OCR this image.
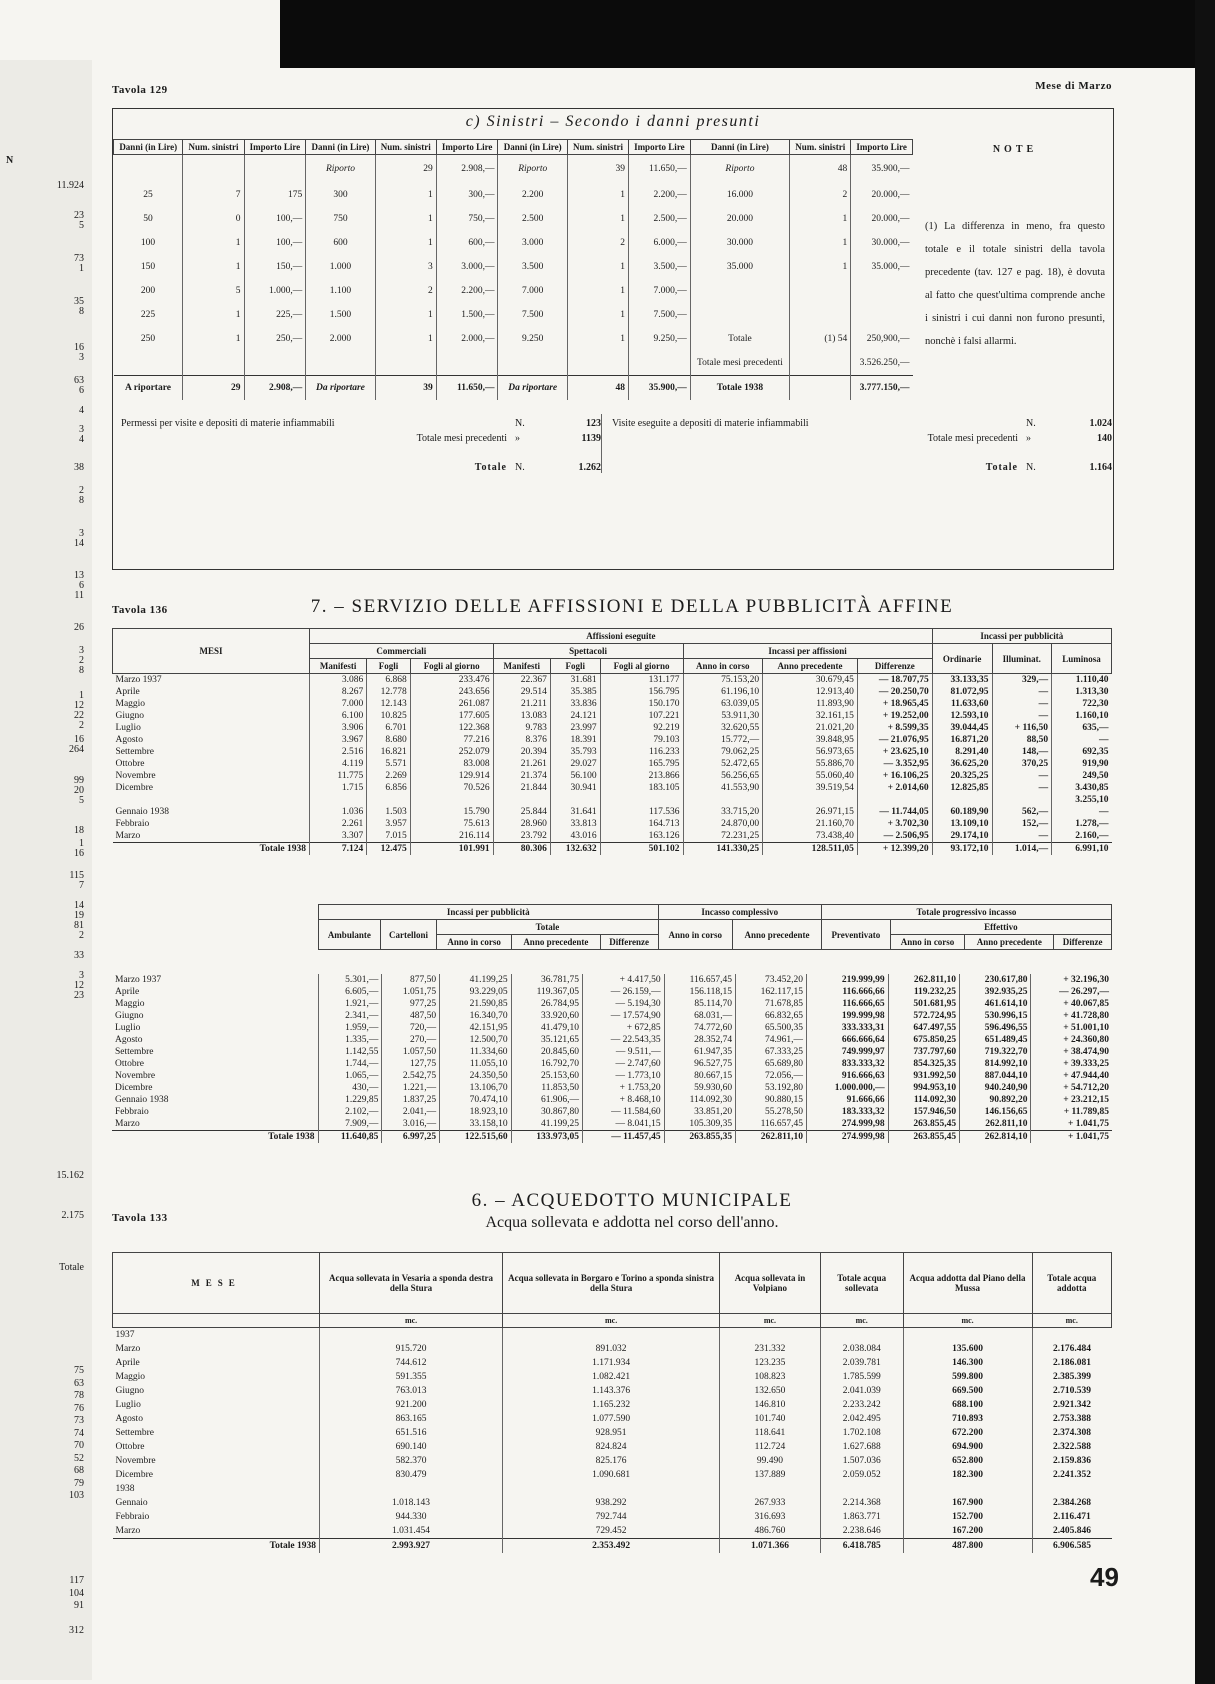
N
11.924
23
5
73
1
35
8
16
3
63
6
4
3
4
38
2
8
3
14
13
6
11
26
3
2
8
1
12
22
2
16
264
99
20
5
18
1
16
115
7
14
19
81
2
33
3
12
23
15.162
2.175
Totale
75
63
78
76
73
74
70
52
68
79
103
117
104
91
312
Tavola 129	Mese di Marzo
c) Sinistri – Secondo i danni presunti
Danni (in Lire)	Num. sinistri	Importo Lire	Danni (in Lire)	Num. sinistri	Importo Lire	Danni (in Lire)	Num. sinistri	Importo Lire	Danni (in Lire)	Num. sinistri	Importo Lire
			Riporto	29	2.908,—	Riporto	39	11.650,—	Riporto	48	35.900,—
25	7	175	300	1	300,—	2.200	1	2.200,—	16.000	2	20.000,—
50	0	100,—	750	1	750,—	2.500	1	2.500,—	20.000	1	20.000,—
100	1	100,—	600	1	600,—	3.000	2	6.000,—	30.000	1	30.000,—
150	1	150,—	1.000	3	3.000,—	3.500	1	3.500,—	35.000	1	35.000,—
200	5	1.000,—	1.100	2	2.200,—	7.000	1	7.000,—			
225	1	225,—	1.500	1	1.500,—	7.500	1	7.500,—			
250	1	250,—	2.000	1	2.000,—	9.250	1	9.250,—	Totale	(1) 54	250,900,—
									Totale mesi precedenti		3.526.250,—
A riportare	29	2.908,—	Da riportare	39	11.650,—	Da riportare	48	35.900,—	Totale 1938		3.777.150,—
NOTE
(1) La differenza in meno, fra questo totale e il totale sinistri della tavola precedente (tav. 127 e pag. 18), è dovuta al fatto che quest'ultima comprende anche i sinistri i cui danni non furono presunti, nonchè i falsi allarmi.
Permessi per visite e depositi di materie infiammabili	N.	123
Totale mesi precedenti »	1139
Totale N.	1.262
Visite eseguite a depositi di materie infiammabili	N.	1.024
Totale mesi precedenti »	140
Totale N.	1.164
Tavola 136	7. – SERVIZIO DELLE AFFISSIONI E DELLA PUBBLICITÀ AFFINE
MESI	Affissioni eseguite									Incassi per pubblicità		
	Commerciali			Spettacoli			Incassi per affissioni			Ordinarie	Illuminat.	Luminosa
	Manifesti	Fogli	Fogli al giorno	Manifesti	Fogli	Fogli al giorno	Anno in corso	Anno precedente	Differenze			
Marzo 1937	3.086	6.868	233.476	22.367	31.681	131.177	75.153,20	30.679,45	— 18.707,75	33.133,35	329,—	1.110,40
Aprile	8.267	12.778	243.656	29.514	35.385	156.795	61.196,10	12.913,40	— 20.250,70	81.072,95	—	1.313,30
Maggio	7.000	12.143	261.087	21.211	33.836	150.170	63.039,05	11.893,90	+ 18.965,45	11.633,60	—	722,30
Giugno	6.100	10.825	177.605	13.083	24.121	107.221	53.911,30	32.161,15	+ 19.252,00	12.593,10	—	1.160,10
Luglio	3.906	6.701	122.368	9.783	23.997	92.219	32.620,55	21.021,20	+ 8.599,35	39.044,45	+ 116,50	635,—
Agosto	3.967	8.680	77.216	8.376	18.391	79.103	15.772,—	39.848,95	— 21.076,95	16.871,20	88,50	—
Settembre	2.516	16.821	252.079	20.394	35.793	116.233	79.062,25	56.973,65	+ 23.625,10	8.291,40	148,—	692,35
Ottobre	4.119	5.571	83.008	21.261	29.027	165.795	52.472,65	55.886,70	— 3.352,95	36.625,20	370,25	919,90
Novembre	11.775	2.269	129.914	21.374	56.100	213.866	56.256,65	55.060,40	+ 16.106,25	20.325,25	—	249,50
Dicembre	1.715	6.856	70.526	21.844	30.941	183.105	41.553,90	39.519,54	+ 2.014,60	12.825,85	—	3.430,85
												3.255,10
Gennaio 1938	1.036	1.503	15.790	25.844	31.641	117.536	33.715,20	26.971,15	— 11.744,05	60.189,90	562,—	—
Febbraio	2.261	3.957	75.613	28.960	33.813	164.713	24.870,00	21.160,70	+ 3.702,30	13.109,10	152,—	1.278,—
Marzo	3.307	7.015	216.114	23.792	43.016	163.126	72.231,25	73.438,40	— 2.506,95	29.174,10	—	2.160,—
Totale 1938	7.124	12.475	101.991	80.306	132.632	501.102	141.330,25	128.511,05	+ 12.399,20	93.172,10	1.014,—	6.991,10
Incassi per pubblicità					Incasso complessivo		Totale progressivo incasso			
Ambulante	Cartelloni	Totale			Anno in corso	Anno precedente	Preventivato	Effettivo		
		Anno in corso	Anno precedente	Differenze				Anno in corso	Anno precedente	Differenze
Marzo 1937	5.301,—	877,50	41.199,25	36.781,75	+ 4.417,50	116.657,45	73.452,20	219.999,99	262.811,10	230.617,80	+ 32.196,30
Aprile	6.605,—	1.051,75	93.229,05	119.367,05	— 26.159,—	156.118,15	162.117,15	116.666,66	119.232,25	392.935,25	— 26.297,—
Maggio	1.921,—	977,25	21.590,85	26.784,95	— 5.194,30	85.114,70	71.678,85	116.666,65	501.681,95	461.614,10	+ 40.067,85
Giugno	2.341,—	487,50	16.340,70	33.920,60	— 17.574,90	68.031,—	66.832,65	199.999,98	572.724,95	530.996,15	+ 41.728,80
Luglio	1.959,—	720,—	42.151,95	41.479,10	+ 672,85	74.772,60	65.500,35	333.333,31	647.497,55	596.496,55	+ 51.001,10
Agosto	1.335,—	270,—	12.500,70	35.121,65	— 22.543,35	28.352,74	74.961,—	666.666,64	675.850,25	651.489,45	+ 24.360,80
Settembre	1.142,55	1.057,50	11.334,60	20.845,60	— 9.511,—	61.947,35	67.333,25	749.999,97	737.797,60	719.322,70	+ 38.474,90
Ottobre	1.744,—	127,75	11.055,10	16.792,70	— 2.747,60	96.527,75	65.689,80	833.333,32	854.325,35	814.992,10	+ 39.333,25
Novembre	1.065,—	2.542,75	24.350,50	25.153,60	— 1.773,10	80.667,15	72.056,—	916.666,63	931.992,50	887.044,10	+ 47.944,40
Dicembre	430,—	1.221,—	13.106,70	11.853,50	+ 1.753,20	59.930,60	53.192,80	1.000.000,—	994.953,10	940.240,90	+ 54.712,20
Gennaio 1938	1.229,85	1.837,25	70.474,10	61.906,—	+ 8.468,10	114.092,30	90.880,15	91.666,66	114.092,30	90.892,20	+ 23.212,15
Febbraio	2.102,—	2.041,—	18.923,10	30.867,80	— 11.584,60	33.851,20	55.278,50	183.333,32	157.946,50	146.156,65	+ 11.789,85
Marzo	7.909,—	3.016,—	33.158,10	41.199,25	— 8.041,15	105.309,35	116.657,45	274.999,98	263.855,45	262.811,10	+ 1.041,75
Totale 1938	11.640,85	6.997,25	122.515,60	133.973,05	— 11.457,45	263.855,35	262.811,10	274.999,98	263.855,45	262.814,10	+ 1.041,75
Tavola 133
6. – ACQUEDOTTO MUNICIPALE
Acqua sollevata e addotta nel corso dell'anno.
MESE	Acqua sollevata in Vesaria a sponda destra della Stura	Acqua sollevata in Borgaro e Torino a sponda sinistra della Stura	Acqua sollevata in Volpiano	Totale acqua sollevata	Acqua addotta dal Piano della Mussa	Totale acqua addotta
	mc.	mc.	mc.	mc.	mc.	mc.
1937						
Marzo	915.720	891.032	231.332	2.038.084	135.600	2.176.484
Aprile	744.612	1.171.934	123.235	2.039.781	146.300	2.186.081
Maggio	591.355	1.082.421	108.823	1.785.599	599.800	2.385.399
Giugno	763.013	1.143.376	132.650	2.041.039	669.500	2.710.539
Luglio	921.200	1.165.232	146.810	2.233.242	688.100	2.921.342
Agosto	863.165	1.077.590	101.740	2.042.495	710.893	2.753.388
Settembre	651.516	928.951	118.641	1.702.108	672.200	2.374.308
Ottobre	690.140	824.824	112.724	1.627.688	694.900	2.322.588
Novembre	582.370	825.176	99.490	1.507.036	652.800	2.159.836
Dicembre	830.479	1.090.681	137.889	2.059.052	182.300	2.241.352
1938						
Gennaio	1.018.143	938.292	267.933	2.214.368	167.900	2.384.268
Febbraio	944.330	792.744	316.693	1.863.771	152.700	2.116.471
Marzo	1.031.454	729.452	486.760	2.238.646	167.200	2.405.846
Totale 1938	2.993.927	2.353.492	1.071.366	6.418.785	487.800	6.906.585
49
